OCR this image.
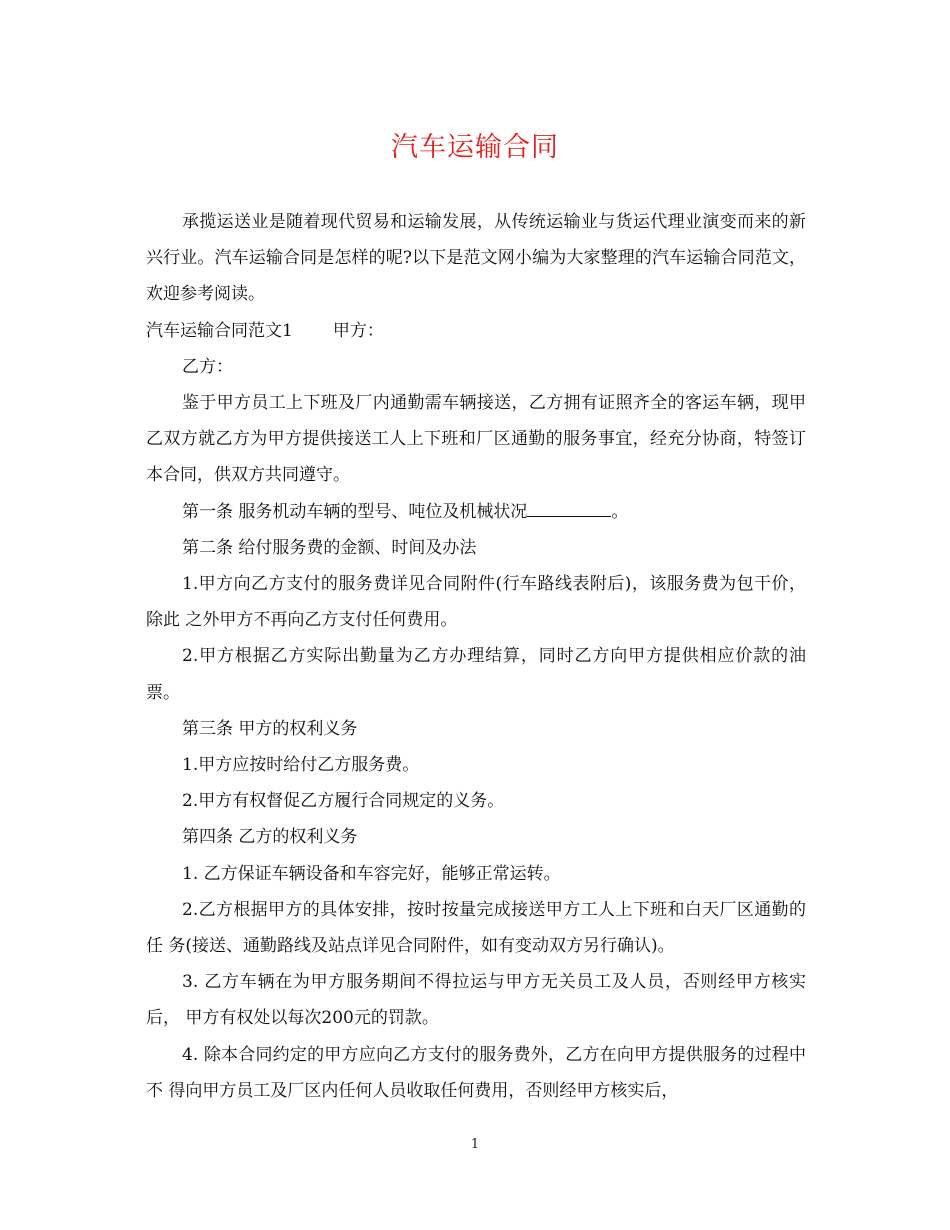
汽车运输合同

承揽运送业是随着现代贸易和运输发展，从传统运输业与货运代理业演变而来的新兴行业。汽车运输合同是怎样的呢?以下是范文网小编为大家整理的汽车运输合同范文，欢迎参考阅读。

汽车运输合同范文1 甲方：

乙方：

鉴于甲方员工上下班及厂内通勤需车辆接送，乙方拥有证照齐全的客运车辆，现甲乙双方就乙方为甲方提供接送工人上下班和厂区通勤的服务事宜，经充分协商，特签订本合同，供双方共同遵守。

第一条 服务机动车辆的型号、吨位及机械状况	。

第二条 给付服务费的金额、时间及办法

1.甲方向乙方支付的服务费详见合同附件(行车路线表附后)，该服务费为包干价，除此 之外甲方不再向乙方支付任何费用。

2.甲方根据乙方实际出勤量为乙方办理结算，同时乙方向甲方提供相应价款的油票。

第三条 甲方的权利义务

1.甲方应按时给付乙方服务费。

2.甲方有权督促乙方履行合同规定的义务。

第四条 乙方的权利义务

1. 乙方保证车辆设备和车容完好，能够正常运转。

2.乙方根据甲方的具体安排，按时按量完成接送甲方工人上下班和白天厂区通勤的任 务(接送、通勤路线及站点详见合同附件，如有变动双方另行确认)。

3. 乙方车辆在为甲方服务期间不得拉运与甲方无关员工及人员，否则经甲方核实后， 甲方有权处以每次200元的罚款。

4. 除本合同约定的甲方应向乙方支付的服务费外，乙方在向甲方提供服务的过程中不 得向甲方员工及厂区内任何人员收取任何费用，否则经甲方核实后，

1
